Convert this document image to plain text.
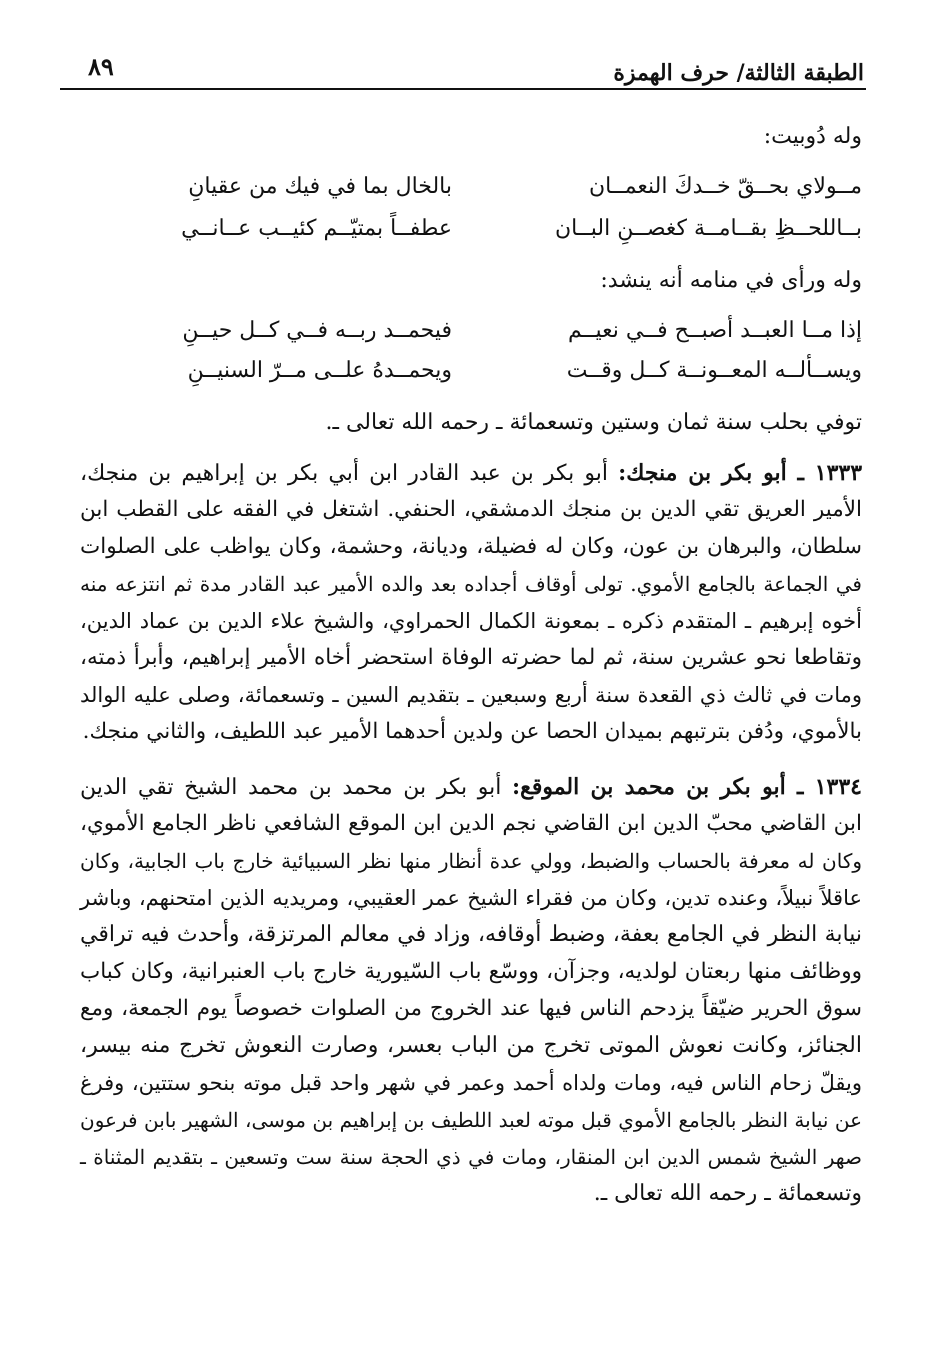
الطبقة الثالثة/ حرف الهمزة
٨٩
وله دُوبيت:
مــولاي بحــقّ خــدكَ النعمــان
بالخال بما في فيك من عقيانِ
بــاللحــظِ بقــامــة كغصــنِ البــان
عطفــاً بمتيّــم كئيــب عــانــي
وله ورأى في منامه أنه ينشد:
إذا مــا العبــد أصبــح فــي نعيــم
فيحمــد ربــه فــي كــل حيــنِ
ويســألــه المعــونــة كــل وقــت
ويحمــدهُ علــى مــرّ السنيــنِ
توفي بحلب سنة ثمان وستين وتسعمائة ـ رحمه الله تعالى ـ.
١٣٣٣ ـ أبو بكر بن منجك: أبو بكر بن عبد القادر ابن أبي بكر بن إبراهيم بن منجك،
الأمير العريق تقي الدين بن منجك الدمشقي، الحنفي. اشتغل في الفقه على القطب ابن
سلطان، والبرهان بن عون، وكان له فضيلة، وديانة، وحشمة، وكان يواظب على الصلوات
في الجماعة بالجامع الأموي. تولى أوقاف أجداده بعد والده الأمير عبد القادر مدة ثم انتزعه منه
أخوه إبرهيم ـ المتقدم ذكره ـ بمعونة الكمال الحمراوي، والشيخ علاء الدين بن عماد الدين،
وتقاطعا نحو عشرين سنة، ثم لما حضرته الوفاة استحضر أخاه الأمير إبراهيم، وأبرأ ذمته،
ومات في ثالث ذي القعدة سنة أربع وسبعين ـ بتقديم السين ـ وتسعمائة، وصلى عليه الوالد
بالأموي، ودُفن بترتبهم بميدان الحصا عن ولدين أحدهما الأمير عبد اللطيف، والثاني منجك.
١٣٣٤ ـ أبو بكر بن محمد بن الموقع: أبو بكر بن محمد بن محمد الشيخ تقي الدين
ابن القاضي محبّ الدين ابن القاضي نجم الدين ابن الموقع الشافعي ناظر الجامع الأموي،
وكان له معرفة بالحساب والضبط، وولي عدة أنظار منها نظر السبيائية خارج باب الجابية، وكان
عاقلاً نبيلاً، وعنده تدين، وكان من فقراء الشيخ عمر العقيبي، ومريديه الذين امتحنهم، وباشر
نيابة النظر في الجامع بعفة، وضبط أوقافه، وزاد في معالم المرتزقة، وأحدث فيه تراقي
ووظائف منها ربعتان لولديه، وجزآن، ووسّع باب السّيورية خارج باب العنبرانية، وكان كباب
سوق الحرير ضيّقاً يزدحم الناس فيها عند الخروج من الصلوات خصوصاً يوم الجمعة، ومع
الجنائز، وكانت نعوش الموتى تخرج من الباب بعسر، وصارت النعوش تخرج منه بيسر،
ويقلّ زحام الناس فيه، ومات ولداه أحمد وعمر في شهر واحد قبل موته بنحو ستتين، وفرغ
عن نيابة النظر بالجامع الأموي قبل موته لعبد اللطيف بن إبراهيم بن موسى، الشهير بابن فرعون
صهر الشيخ شمس الدين ابن المنقار، ومات في ذي الحجة سنة ست وتسعين ـ بتقديم المثناة ـ
وتسعمائة ـ رحمه الله تعالى ـ.
